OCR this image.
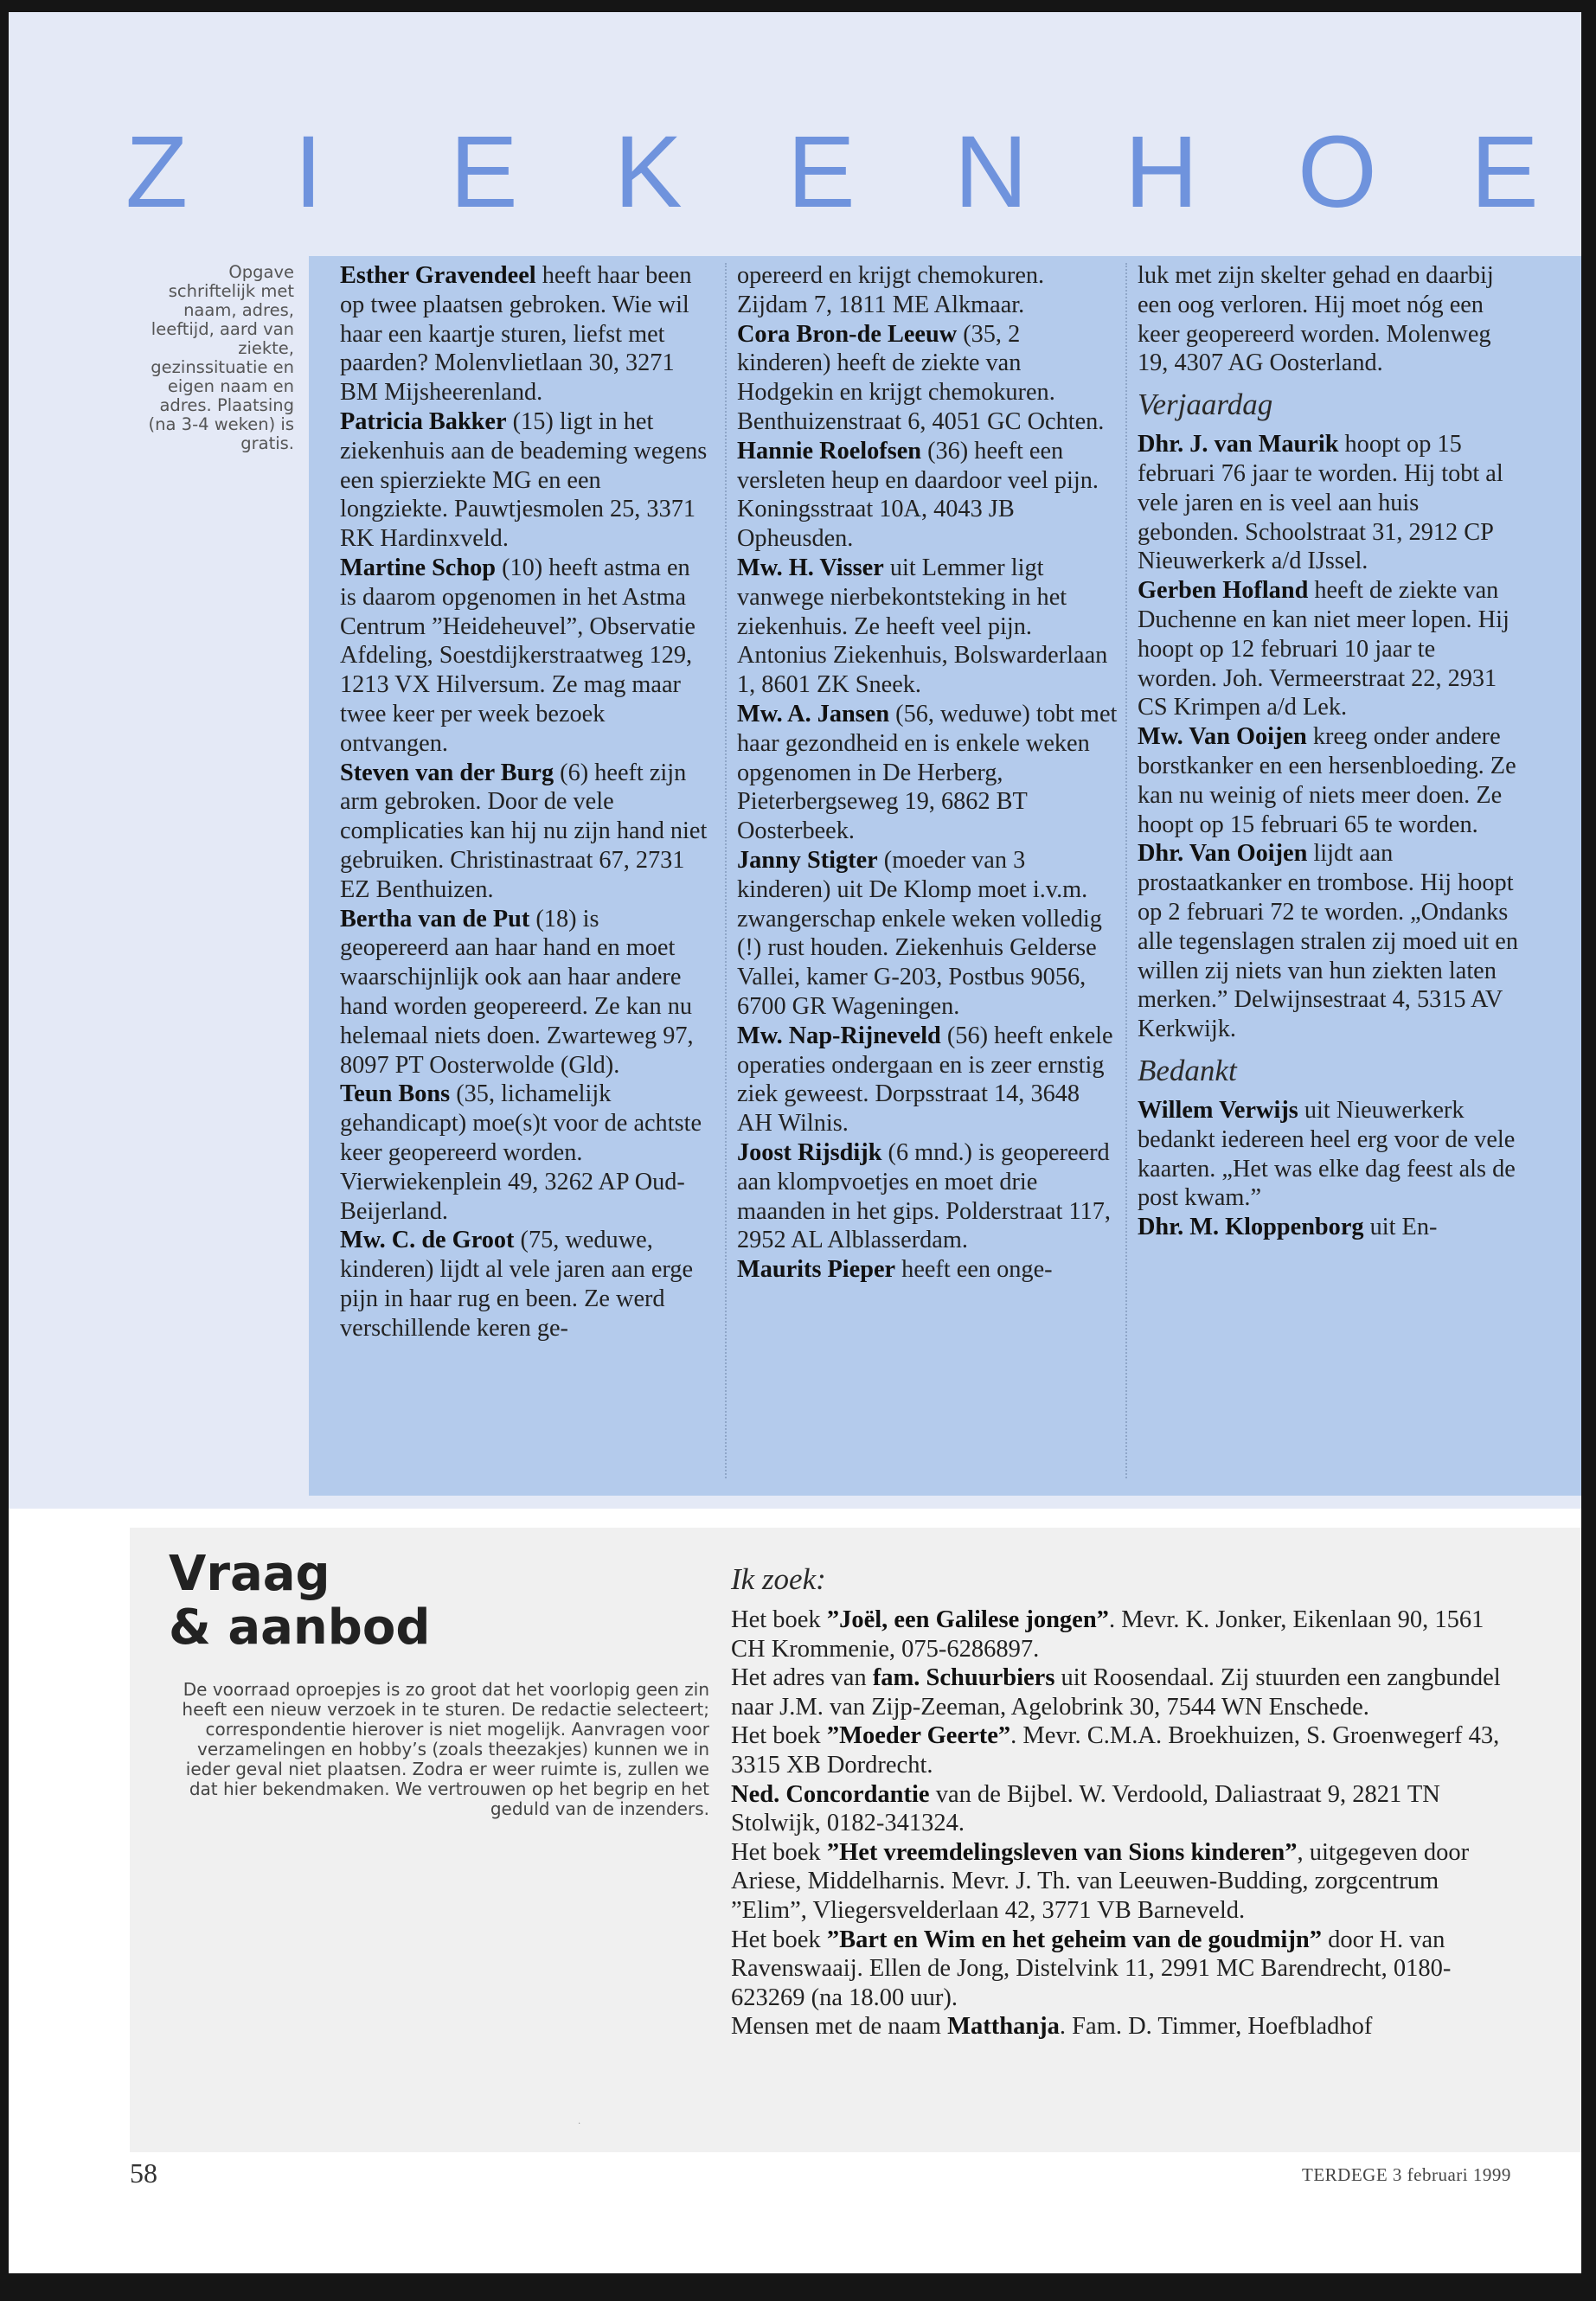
Z I E K E N H O E
Opgave schriftelijk met naam, adres, leeftijd, aard van ziekte, gezinssituatie en eigen naam en adres. Plaatsing (na 3-4 weken) is gratis.

Esther Gravendeel heeft haar been op twee plaatsen gebroken. Wie wil haar een kaartje sturen, liefst met paarden? Molenvlietlaan 30, 3271 BM Mijsheerenland.

Patricia Bakker (15) ligt in het ziekenhuis aan de beademing wegens een spierziekte MG en een longziekte. Pauwtjesmolen 25, 3371 RK Hardinxveld.

Martine Schop (10) heeft astma en is daarom opgenomen in het Astma Centrum ”Heideheuvel”, Observatie Afdeling, Soestdijkerstraatweg 129, 1213 VX Hilversum. Ze mag maar twee keer per week bezoek ontvangen.

Steven van der Burg (6) heeft zijn arm gebroken. Door de vele complicaties kan hij nu zijn hand niet gebruiken. Christinastraat 67, 2731 EZ Benthuizen.

Bertha van de Put (18) is geopereerd aan haar hand en moet waarschijnlijk ook aan haar andere hand worden geopereerd. Ze kan nu helemaal niets doen. Zwarteweg 97, 8097 PT Oosterwolde (Gld).

Teun Bons (35, lichamelijk gehandicapt) moe(s)t voor de achtste keer geopereerd worden. Vierwiekenplein 49, 3262 AP Oud-Beijerland.

Mw. C. de Groot (75, weduwe, kinderen) lijdt al vele jaren aan erge pijn in haar rug en been. Ze werd verschillende keren ge-

opereerd en krijgt chemokuren. Zijdam 7, 1811 ME Alkmaar.

Cora Bron-de Leeuw (35, 2 kinderen) heeft de ziekte van Hodgekin en krijgt chemokuren. Benthuizenstraat 6, 4051 GC Ochten.

Hannie Roelofsen (36) heeft een versleten heup en daardoor veel pijn. Koningsstraat 10A, 4043 JB Opheusden.

Mw. H. Visser uit Lemmer ligt vanwege nierbekontsteking in het ziekenhuis. Ze heeft veel pijn. Antonius Ziekenhuis, Bolswarderlaan 1, 8601 ZK Sneek.

Mw. A. Jansen (56, weduwe) tobt met haar gezondheid en is enkele weken opgenomen in De Herberg, Pieterbergseweg 19, 6862 BT Oosterbeek.

Janny Stigter (moeder van 3 kinderen) uit De Klomp moet i.v.m. zwangerschap enkele weken volledig (!) rust houden. Ziekenhuis Gelderse Vallei, kamer G-203, Postbus 9056, 6700 GR Wageningen.

Mw. Nap-Rijneveld (56) heeft enkele operaties ondergaan en is zeer ernstig ziek geweest. Dorpsstraat 14, 3648 AH Wilnis.

Joost Rijsdijk (6 mnd.) is geopereerd aan klompvoetjes en moet drie maanden in het gips. Polderstraat 117, 2952 AL Alblasserdam.

Maurits Pieper heeft een onge-

luk met zijn skelter gehad en daarbij een oog verloren. Hij moet nóg een keer geopereerd worden. Molenweg 19, 4307 AG Oosterland.

Verjaardag

Dhr. J. van Maurik hoopt op 15 februari 76 jaar te worden. Hij tobt al vele jaren en is veel aan huis gebonden. Schoolstraat 31, 2912 CP Nieuwerkerk a/d IJssel.

Gerben Hofland heeft de ziekte van Duchenne en kan niet meer lopen. Hij hoopt op 12 februari 10 jaar te worden. Joh. Vermeerstraat 22, 2931 CS Krimpen a/d Lek.

Mw. Van Ooijen kreeg onder andere borstkanker en een hersenbloeding. Ze kan nu weinig of niets meer doen. Ze hoopt op 15 februari 65 te worden. Dhr. Van Ooijen lijdt aan prostaatkanker en trombose. Hij hoopt op 2 februari 72 te worden. „Ondanks alle tegenslagen stralen zij moed uit en willen zij niets van hun ziekten laten merken.” Delwijnsestraat 4, 5315 AV Kerkwijk.

Bedankt

Willem Verwijs uit Nieuwerkerk bedankt iedereen heel erg voor de vele kaarten. „Het was elke dag feest als de post kwam.”

Dhr. M. Kloppenborg uit En-

Vraag
& aanbod
De voorraad oproepjes is zo groot dat het voorlopig geen zin heeft een nieuw verzoek in te sturen. De redactie selecteert; correspondentie hierover is niet mogelijk. Aanvragen voor verzamelingen en hobby’s (zoals theezakjes) kunnen we in ieder geval niet plaatsen. Zodra er weer ruimte is, zullen we dat hier bekendmaken. We vertrouwen op het begrip en het geduld van de inzenders.
Ik zoek:

Het boek ”Joël, een Galilese jongen”. Mevr. K. Jonker, Eikenlaan 90, 1561 CH Krommenie, 075-6286897.

Het adres van fam. Schuurbiers uit Roosendaal. Zij stuurden een zangbundel naar J.M. van Zijp-Zeeman, Agelobrink 30, 7544 WN Enschede.

Het boek ”Moeder Geerte”. Mevr. C.M.A. Broekhuizen, S. Groenwegerf 43, 3315 XB Dordrecht.

Ned. Concordantie van de Bijbel. W. Verdoold, Daliastraat 9, 2821 TN Stolwijk, 0182-341324.

Het boek ”Het vreemdelingsleven van Sions kinderen”, uitgegeven door Ariese, Middelharnis. Mevr. J. Th. van Leeuwen-Budding, zorgcentrum ”Elim”, Vliegersvelderlaan 42, 3771 VB Barneveld.

Het boek ”Bart en Wim en het geheim van de goudmijn” door H. van Ravenswaaij. Ellen de Jong, Distelvink 11, 2991 MC Barendrecht, 0180-623269 (na 18.00 uur).

Mensen met de naam Matthanja. Fam. D. Timmer, Hoefbladhof

·
58	TERDEGE 3 februari 1999
